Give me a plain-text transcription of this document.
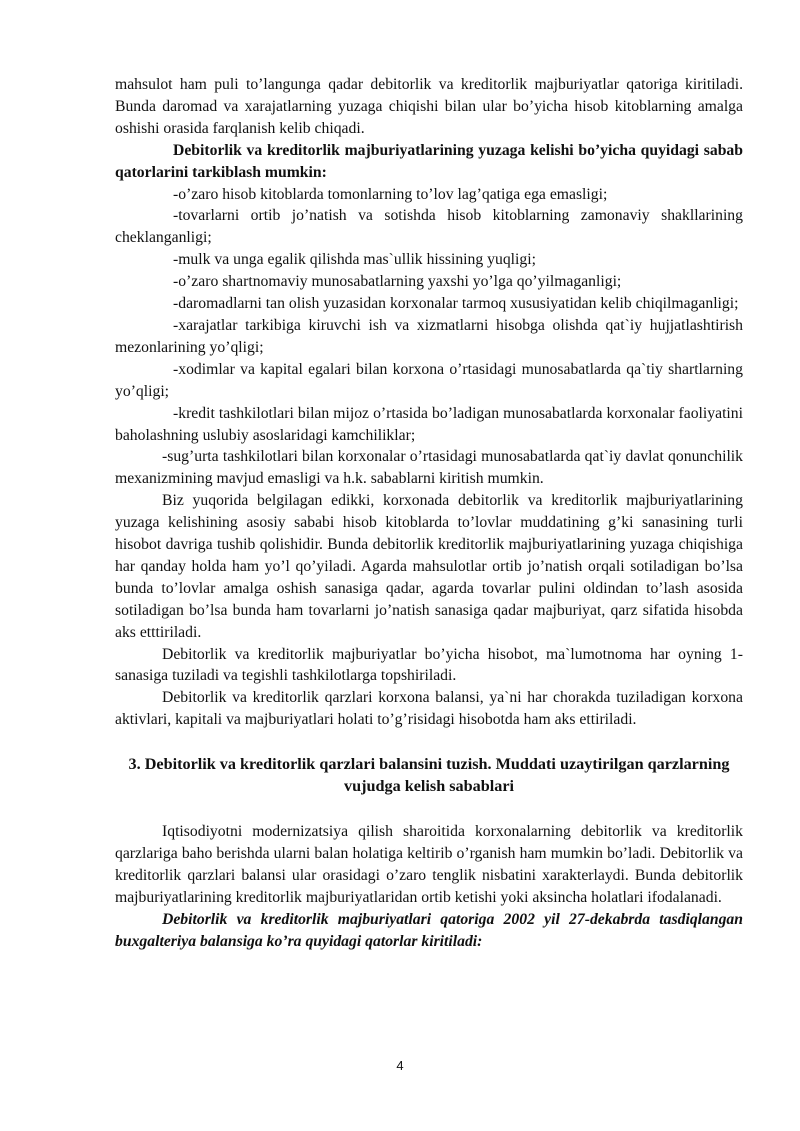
mahsulot ham puli to’langunga qadar debitorlik va kreditorlik majburiyatlar qatoriga kiritiladi. Bunda daromad va xarajatlarning yuzaga chiqishi bilan ular bo’yicha hisob kitoblarning amalga oshishi orasida farqlanish kelib chiqadi.

Debitorlik va kreditorlik majburiyatlarining yuzaga kelishi bo’yicha quyidagi sabab qatorlarini tarkiblash mumkin:

-o’zaro hisob kitoblarda tomonlarning to’lov lag’qatiga ega emasligi;

-tovarlarni ortib jo’natish va sotishda hisob kitoblarning zamonaviy shakllarining cheklanganligi;

-mulk va unga egalik qilishda mas`ullik hissining yuqligi;

-o’zaro shartnomaviy munosabatlarning yaxshi yo’lga qo’yilmaganligi;

-daromadlarni tan olish yuzasidan korxonalar tarmoq xususiyatidan kelib chiqilmaganligi;

-xarajatlar tarkibiga kiruvchi ish va xizmatlarni hisobga olishda qat`iy hujjatlashtirish mezonlarining yo’qligi;

-xodimlar va kapital egalari bilan korxona o’rtasidagi munosabatlarda qa`tiy shartlarning yo’qligi;

-kredit tashkilotlari bilan mijoz o’rtasida bo’ladigan munosabatlarda korxonalar faoliyatini baholashning uslubiy asoslaridagi kamchiliklar;

-sug’urta tashkilotlari bilan korxonalar o’rtasidagi munosabatlarda qat`iy davlat qonunchilik mexanizmining mavjud emasligi va h.k. sabablarni kiritish mumkin.

Biz yuqorida belgilagan edikki, korxonada debitorlik va kreditorlik majburiyatlarining yuzaga kelishining asosiy sababi hisob kitoblarda to’lovlar muddatining g’ki sanasining turli hisobot davriga tushib qolishidir. Bunda debitorlik kreditorlik majburiyatlarining yuzaga chiqishiga har qanday holda ham yo’l qo’yiladi. Agarda mahsulotlar ortib jo’natish orqali sotiladigan bo’lsa bunda to’lovlar amalga oshish sanasiga qadar, agarda tovarlar pulini oldindan to’lash asosida sotiladigan bo’lsa bunda ham tovarlarni jo’natish sanasiga qadar majburiyat, qarz sifatida hisobda aks etttiriladi.

Debitorlik va kreditorlik majburiyatlar bo’yicha hisobot, ma`lumotnoma har oyning 1-sanasiga tuziladi va tegishli tashkilotlarga topshiriladi.

Debitorlik va kreditorlik qarzlari korxona balansi, ya`ni har chorakda tuziladigan korxona aktivlari, kapitali va majburiyatlari holati to’g’risidagi hisobotda ham aks ettiriladi.

3. Debitorlik va kreditorlik qarzlari balansini tuzish. Muddati uzaytirilgan qarzlarning vujudga kelish sabablari

Iqtisodiyotni modernizatsiya qilish sharoitida korxonalarning debitorlik va kreditorlik qarzlariga baho berishda ularni balan holatiga keltirib o’rganish ham mumkin bo’ladi. Debitorlik va kreditorlik qarzlari balansi ular orasidagi o’zaro tenglik nisbatini xarakterlaydi. Bunda debitorlik majburiyatlarining kreditorlik majburiyatlaridan ortib ketishi yoki aksincha holatlari ifodalanadi.

Debitorlik va kreditorlik majburiyatlari qatoriga 2002 yil 27-dekabrda tasdiqlangan buxgalteriya balansiga ko’ra quyidagi qatorlar kiritiladi:

4
